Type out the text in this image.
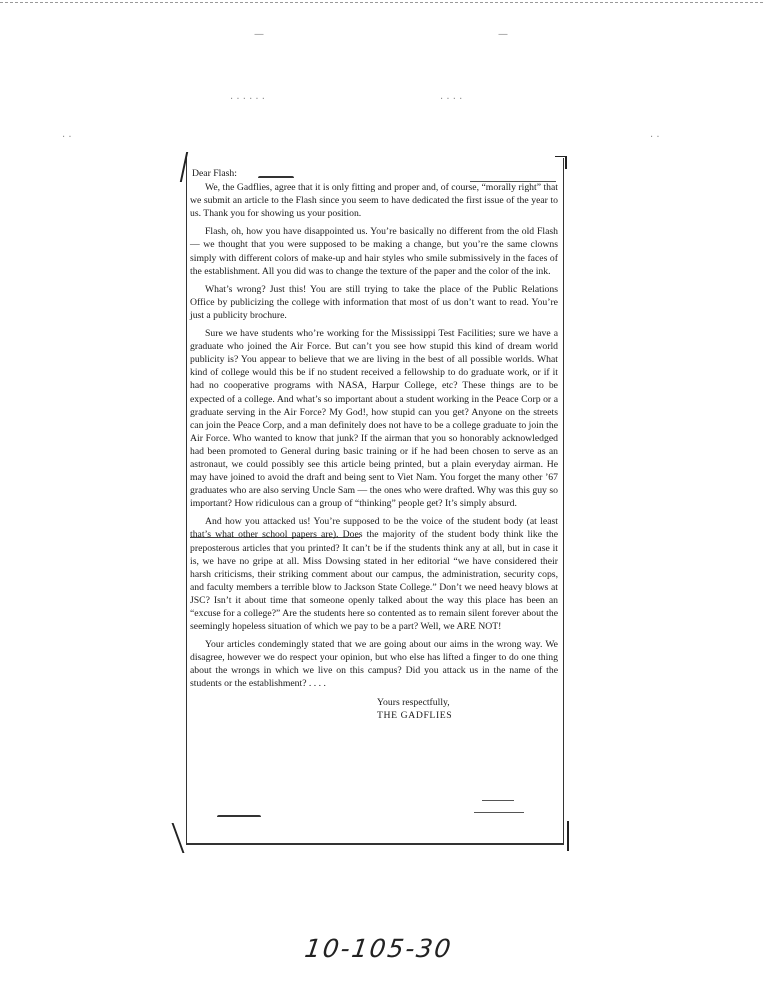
—	—
· · · · · ·	· · · ·
· ·	· ·
Dear Flash:

We, the Gadflies, agree that it is only fitting and proper and, of course, “morally right” that we submit an article to the Flash since you seem to have dedicated the first issue of the year to us. Thank you for showing us your position.

Flash, oh, how you have disappointed us. You’re basically no different from the old Flash — we thought that you were supposed to be making a change, but you’re the same clowns simply with different colors of make-up and hair styles who smile submissively in the faces of the establishment. All you did was to change the texture of the paper and the color of the ink.

What’s wrong? Just this! You are still trying to take the place of the Public Relations Office by publicizing the college with information that most of us don’t want to read. You’re just a publicity brochure.

Sure we have students who’re working for the Mississippi Test Facilities; sure we have a graduate who joined the Air Force. But can’t you see how stupid this kind of dream world publicity is? You appear to believe that we are living in the best of all possible worlds. What kind of college would this be if no student received a fellowship to do graduate work, or if it had no cooperative programs with NASA, Harpur College, etc? These things are to be expected of a college. And what’s so important about a student working in the Peace Corp or a graduate serving in the Air Force? My God!, how stupid can you get? Anyone on the streets can join the Peace Corp, and a man definitely does not have to be a college graduate to join the Air Force. Who wanted to know that junk? If the airman that you so honorably acknowledged had been promoted to General during basic training or if he had been chosen to serve as an astronaut, we could possibly see this article being printed, but a plain everyday airman. He may have joined to avoid the draft and being sent to Viet Nam. You forget the many other ’67 graduates who are also serving Uncle Sam — the ones who were drafted. Why was this guy so important? How ridiculous can a group of “thinking” people get? It’s simply absurd.

And how you attacked us! You’re supposed to be the voice of the student body (at least that’s what other school papers are). Does the majority of the student body think like the preposterous articles that you printed? It can’t be if the students think any at all, but in case it is, we have no gripe at all. Miss Dowsing stated in her editorial “we have considered their harsh criticisms, their striking comment about our campus, the administration, security cops, and faculty members a terrible blow to Jackson State College.” Don’t we need heavy blows at JSC? Isn’t it about time that someone openly talked about the way this place has been an “excuse for a college?” Are the students here so contented as to remain silent forever about the seemingly hopeless situation of which we pay to be a part? Well, we ARE NOT!

Your articles condemingly stated that we are going about our aims in the wrong way. We disagree, however we do respect your opinion, but who else has lifted a finger to do one thing about the wrongs in which we live on this campus? Did you attack us in the name of the students or the establishment? . . . .

Yours respectfully,
THE GADFLIES
10-105-30
